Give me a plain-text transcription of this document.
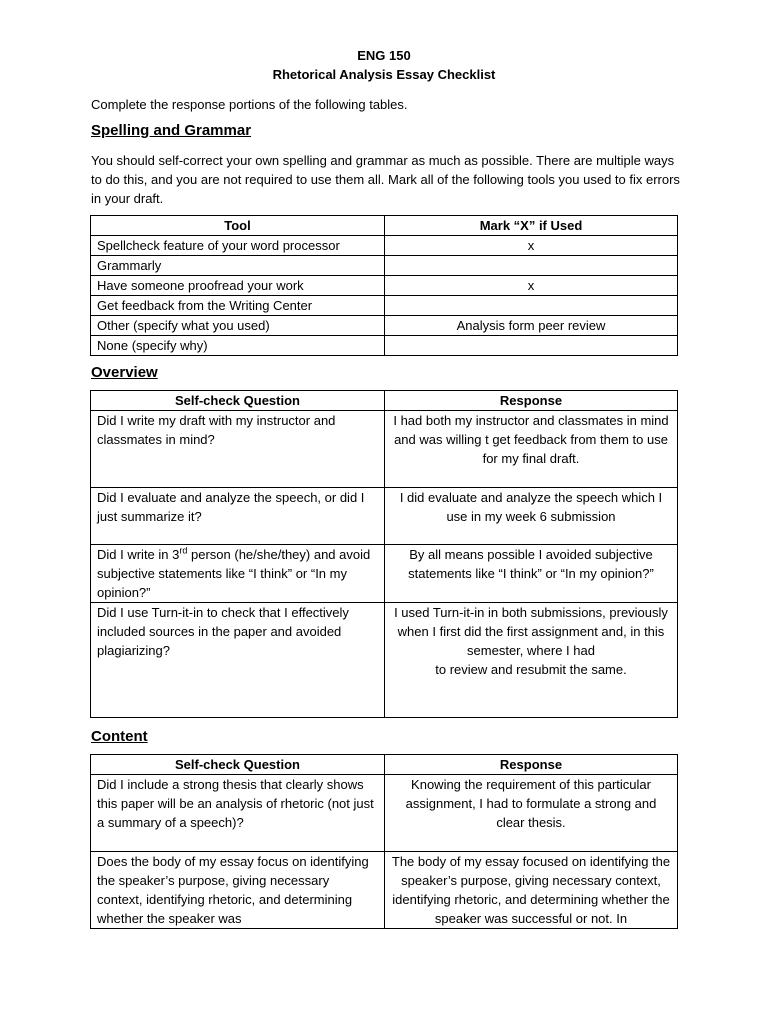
ENG 150
Rhetorical Analysis Essay Checklist
Complete the response portions of the following tables.
Spelling and Grammar
You should self-correct your own spelling and grammar as much as possible. There are multiple ways to do this, and you are not required to use them all. Mark all of the following tools you used to fix errors in your draft.
Tool	Mark “X” if Used
Spellcheck feature of your word processor	x
Grammarly	
Have someone proofread your work	x
Get feedback from the Writing Center	
Other (specify what you used)	Analysis form peer review
None (specify why)	
Overview
Self-check Question	Response
Did I write my draft with my instructor and classmates in mind?	I had both my instructor and classmates in mind and was willing t get feedback from them to use for my final draft.
Did I evaluate and analyze the speech, or did I just summarize it?	I did evaluate and analyze the speech which I use in my week 6 submission
Did I write in 3rd person (he/she/they) and avoid subjective statements like “I think” or “In my opinion?”	By all means possible I avoided subjective statements like “I think” or “In my opinion?”
Did I use Turn-it-in to check that I effectively included sources in the paper and avoided plagiarizing?	I used Turn-it-in in both submissions, previously when I first did the first assignment and, in this semester, where I had
to review and resubmit the same.
Content
Self-check Question	Response
Did I include a strong thesis that clearly shows this paper will be an analysis of rhetoric (not just a summary of a speech)?	Knowing the requirement of this particular assignment, I had to formulate a strong and clear thesis.
Does the body of my essay focus on identifying the speaker’s purpose, giving necessary context, identifying rhetoric, and determining whether the speaker was	The body of my essay focused on identifying the speaker’s purpose, giving necessary context, identifying rhetoric, and determining whether the speaker was successful or not. In
